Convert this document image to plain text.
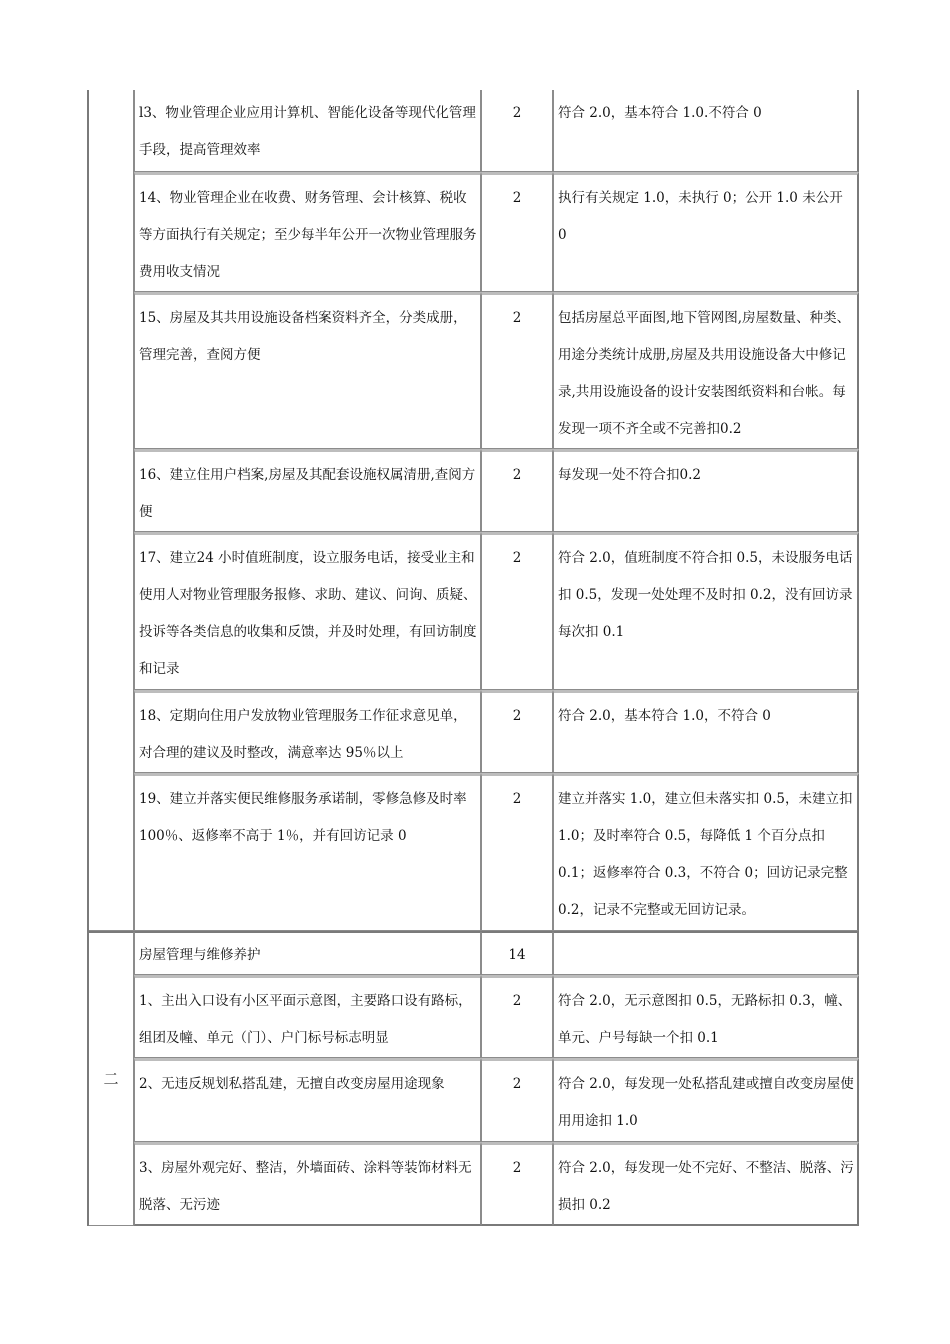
	l3、物业管理企业应用计算机、智能化设备等现代化管理手段，提高管理效率	2	符合 2.0，基本符合 1.0.不符合 0
	14、物业管理企业在收费、财务管理、会计核算、税收等方面执行有关规定；至少每半年公开一次物业管理服务费用收支情况	2	执行有关规定 1.0，未执行 0；公开 1.0 未公开 0
	15、房屋及其共用设施设备档案资料齐全，分类成册，管理完善，查阅方便	2	包括房屋总平面图,地下管网图,房屋数量、种类、用途分类统计成册,房屋及共用设施设备大中修记录,共用设施设备的设计安装图纸资料和台帐。每发现一项不齐全或不完善扣0.2
	16、建立住用户档案,房屋及其配套设施权属清册,查阅方便	2	每发现一处不符合扣0.2
	17、建立24 小时值班制度，设立服务电话，接受业主和使用人对物业管理服务报修、求助、建议、问询、质疑、投诉等各类信息的收集和反馈，并及时处理，有回访制度和记录	2	符合 2.0，值班制度不符合扣 0.5，未设服务电话扣 0.5，发现一处处理不及时扣 0.2，没有回访录每次扣 0.1
	18、定期向住用户发放物业管理服务工作征求意见单，对合理的建议及时整改，满意率达 95％以上	2	符合 2.0，基本符合 1.0，不符合 0
	19、建立并落实便民维修服务承诺制，零修急修及时率 100％、返修率不高于 1％，并有回访记录 0	2	建立并落实 1.0，建立但未落实扣 0.5，未建立扣 1.0；及时率符合 0.5，每降低 1 个百分点扣 0.1；返修率符合 0.3，不符合 0；回访记录完整 0.2，记录不完整或无回访记录。
二	房屋管理与维修养护	14	
	1、主出入口设有小区平面示意图，主要路口设有路标，组团及幢、单元（门）、户门标号标志明显	2	符合 2.0，无示意图扣 0.5，无路标扣 0.3，幢、单元、户号每缺一个扣 0.1
	2、无违反规划私搭乱建，无擅自改变房屋用途现象	2	符合 2.0，每发现一处私搭乱建或擅自改变房屋使用用途扣 1.0
	3、房屋外观完好、整洁，外墙面砖、涂料等装饰材料无脱落、无污迹	2	符合 2.0，每发现一处不完好、不整洁、脱落、污损扣 0.2
